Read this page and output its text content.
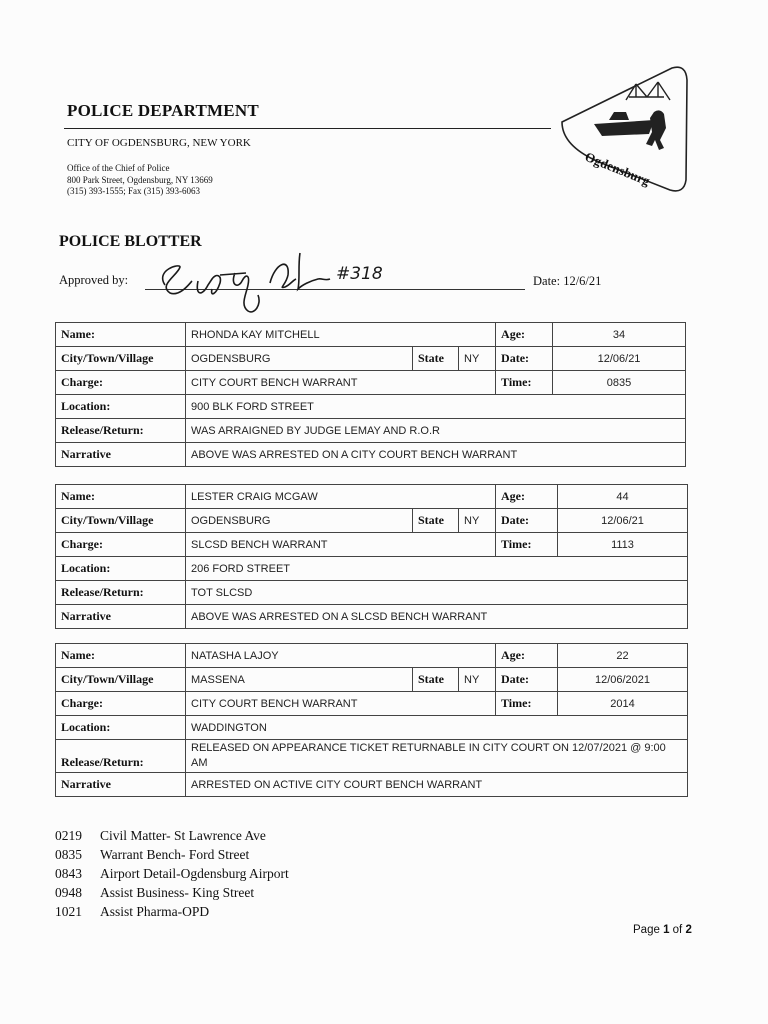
POLICE DEPARTMENT
CITY OF OGDENSBURG, NEW YORK
Office of the Chief of Police
800 Park Street, Ogdensburg, NY 13669
(315) 393-1555; Fax (315) 393-6063
Ogdensburg
POLICE BLOTTER
Approved by:	#318	Date: 12/6/21
Name:	RHONDA KAY MITCHELL			Age:	34
City/Town/Village	OGDENSBURG	State	NY	Date:	12/06/21
Charge:	CITY COURT BENCH WARRANT			Time:	0835
Location:	900 BLK FORD STREET				
Release/Return:	WAS ARRAIGNED BY JUDGE LEMAY AND R.O.R				
Narrative	ABOVE WAS ARRESTED ON A CITY COURT BENCH WARRANT				
Name:	LESTER CRAIG MCGAW			Age:	44
City/Town/Village	OGDENSBURG	State	NY	Date:	12/06/21
Charge:	SLCSD BENCH WARRANT			Time:	1113
Location:	206 FORD STREET				
Release/Return:	TOT SLCSD				
Narrative	ABOVE WAS ARRESTED ON A SLCSD BENCH WARRANT				
Name:	NATASHA LAJOY			Age:	22
City/Town/Village	MASSENA	State	NY	Date:	12/06/2021
Charge:	CITY COURT BENCH WARRANT			Time:	2014
Location:	WADDINGTON				
Release/Return:	RELEASED ON APPEARANCE TICKET RETURNABLE IN CITY COURT ON 12/07/2021 @ 9:00 AM				
Narrative	ARRESTED ON ACTIVE CITY COURT BENCH WARRANT				
0219	Civil Matter- St Lawrence Ave
0835	Warrant Bench- Ford Street
0843	Airport Detail-Ogdensburg Airport
0948	Assist Business- King Street
1021	Assist Pharma-OPD
Page 1 of 2
